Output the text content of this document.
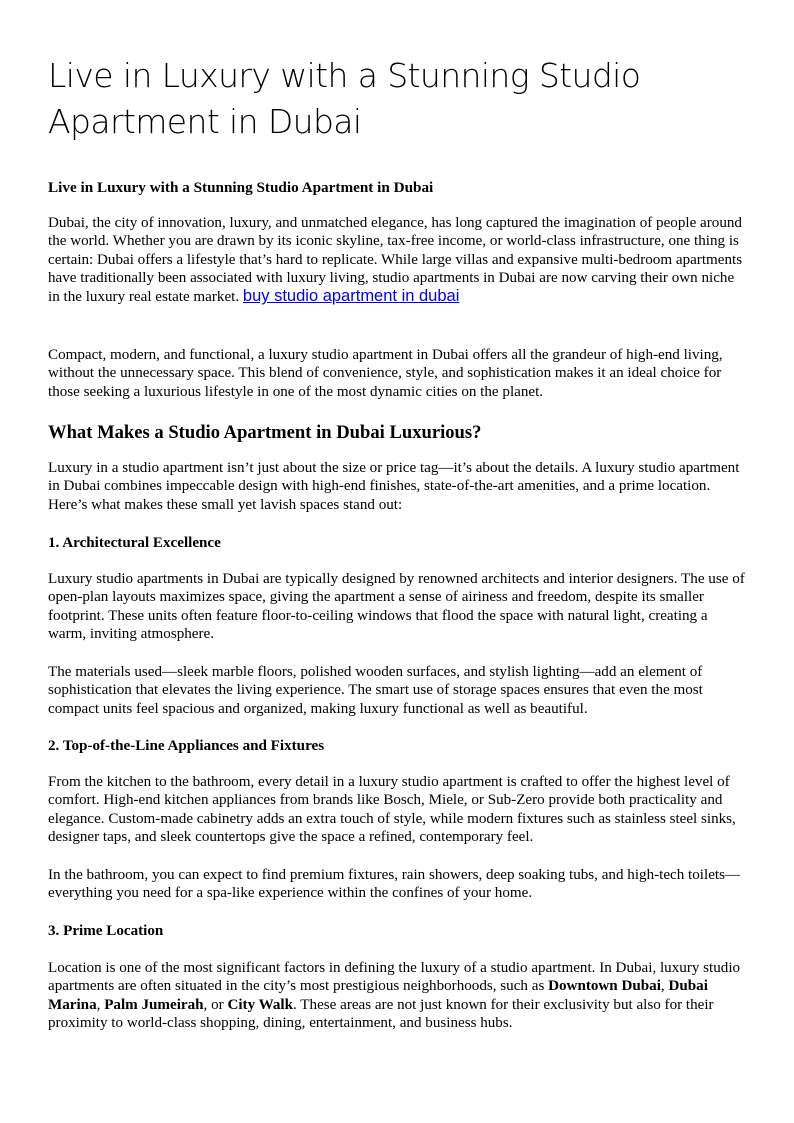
Live in Luxury with a Stunning Studio Apartment in Dubai
Live in Luxury with a Stunning Studio Apartment in Dubai

Dubai, the city of innovation, luxury, and unmatched elegance, has long captured the imagination of people around the world. Whether you are drawn by its iconic skyline, tax-free income, or world-class infrastructure, one thing is certain: Dubai offers a lifestyle that’s hard to replicate. While large villas and expansive multi-bedroom apartments have traditionally been associated with luxury living, studio apartments in Dubai are now carving their own niche in the luxury real estate market. buy studio apartment in dubai

Compact, modern, and functional, a luxury studio apartment in Dubai offers all the grandeur of high-end living, without the unnecessary space. This blend of convenience, style, and sophistication makes it an ideal choice for those seeking a luxurious lifestyle in one of the most dynamic cities on the planet.

What Makes a Studio Apartment in Dubai Luxurious?

Luxury in a studio apartment isn’t just about the size or price tag—it’s about the details. A luxury studio apartment in Dubai combines impeccable design with high-end finishes, state-of-the-art amenities, and a prime location. Here’s what makes these small yet lavish spaces stand out:

1. Architectural Excellence

Luxury studio apartments in Dubai are typically designed by renowned architects and interior designers. The use of open-plan layouts maximizes space, giving the apartment a sense of airiness and freedom, despite its smaller footprint. These units often feature floor-to-ceiling windows that flood the space with natural light, creating a warm, inviting atmosphere.

The materials used—sleek marble floors, polished wooden surfaces, and stylish lighting—add an element of sophistication that elevates the living experience. The smart use of storage spaces ensures that even the most compact units feel spacious and organized, making luxury functional as well as beautiful.

2. Top-of-the-Line Appliances and Fixtures

From the kitchen to the bathroom, every detail in a luxury studio apartment is crafted to offer the highest level of comfort. High-end kitchen appliances from brands like Bosch, Miele, or Sub-Zero provide both practicality and elegance. Custom-made cabinetry adds an extra touch of style, while modern fixtures such as stainless steel sinks, designer taps, and sleek countertops give the space a refined, contemporary feel.

In the bathroom, you can expect to find premium fixtures, rain showers, deep soaking tubs, and high-tech toilets—everything you need for a spa-like experience within the confines of your home.

3. Prime Location

Location is one of the most significant factors in defining the luxury of a studio apartment. In Dubai, luxury studio apartments are often situated in the city’s most prestigious neighborhoods, such as Downtown Dubai, Dubai Marina, Palm Jumeirah, or City Walk. These areas are not just known for their exclusivity but also for their proximity to world-class shopping, dining, entertainment, and business hubs.
